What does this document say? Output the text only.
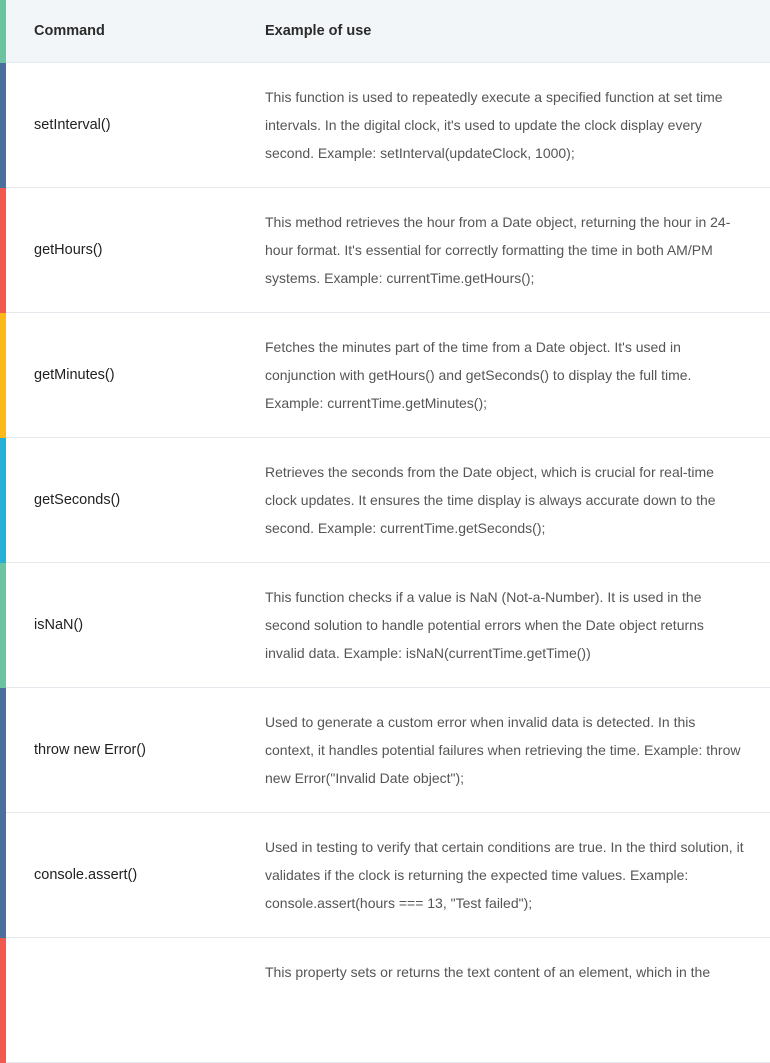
Command	Example of use
setInterval()	This function is used to repeatedly execute a specified function at set time intervals. In the digital clock, it's used to update the clock display every second. Example: setInterval(updateClock, 1000);
getHours()	This method retrieves the hour from a Date object, returning the hour in 24-hour format. It's essential for correctly formatting the time in both AM/PM systems. Example: currentTime.getHours();
getMinutes()	Fetches the minutes part of the time from a Date object. It's used in conjunction with getHours() and getSeconds() to display the full time. Example: currentTime.getMinutes();
getSeconds()	Retrieves the seconds from the Date object, which is crucial for real-time clock updates. It ensures the time display is always accurate down to the second. Example: currentTime.getSeconds();
isNaN()	This function checks if a value is NaN (Not-a-Number). It is used in the second solution to handle potential errors when the Date object returns invalid data. Example: isNaN(currentTime.getTime())
throw new Error()	Used to generate a custom error when invalid data is detected. In this context, it handles potential failures when retrieving the time. Example: throw new Error("Invalid Date object");
console.assert()	Used in testing to verify that certain conditions are true. In the third solution, it validates if the clock is returning the expected time values. Example: console.assert(hours === 13, "Test failed");
	This property sets or returns the text content of an element, which in the
